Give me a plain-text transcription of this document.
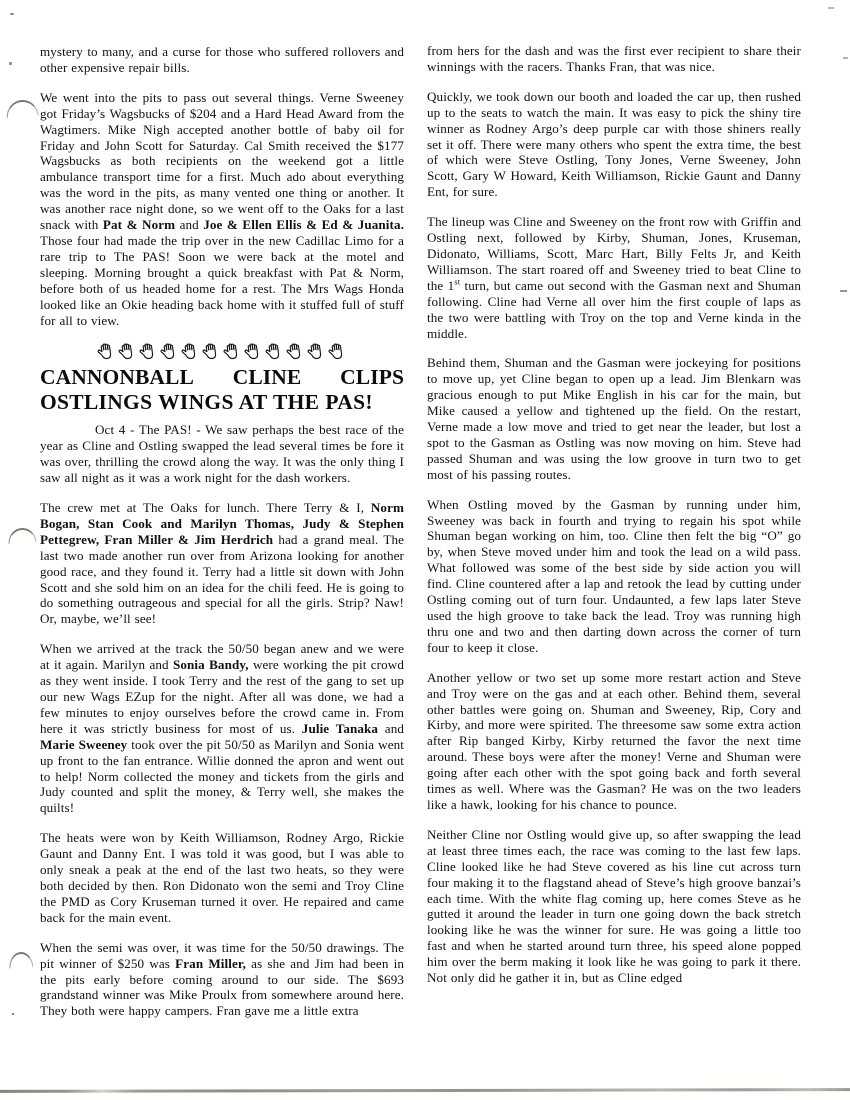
mystery to many, and a curse for those who suffered rollovers and other expensive repair bills.

We went into the pits to pass out several things. Verne Sweeney got Friday’s Wagsbucks of $204 and a Hard Head Award from the Wagtimers. Mike Nigh accepted another bottle of baby oil for Friday and John Scott for Saturday. Cal Smith received the $177 Wagsbucks as both recipients on the weekend got a little ambulance transport time for a first. Much ado about everything was the word in the pits, as many vented one thing or another. It was another race night done, so we went off to the Oaks for a last snack with Pat & Norm and Joe & Ellen Ellis & Ed & Juanita. Those four had made the trip over in the new Cadillac Limo for a rare trip to The PAS! Soon we were back at the motel and sleeping. Morning brought a quick breakfast with Pat & Norm, before both of us headed home for a rest. The Mrs Wags Honda looked like an Okie heading back home with it stuffed full of stuff for all to view.

CANNONBALL CLINE CLIPS
OSTLINGS WINGS AT THE PAS!

Oct 4 - The PAS! - We saw perhaps the best race of the year as Cline and Ostling swapped the lead several times be fore it was over, thrilling the crowd along the way. It was the only thing I saw all night as it was a work night for the dash workers.

The crew met at The Oaks for lunch. There Terry & I, Norm Bogan, Stan Cook and Marilyn Thomas, Judy & Stephen Pettegrew, Fran Miller & Jim Herdrich had a grand meal. The last two made another run over from Arizona looking for another good race, and they found it. Terry had a little sit down with John Scott and she sold him on an idea for the chili feed. He is going to do something outrageous and special for all the girls. Strip? Naw! Or, maybe, we’ll see!

When we arrived at the track the 50/50 began anew and we were at it again. Marilyn and Sonia Bandy, were working the pit crowd as they went inside. I took Terry and the rest of the gang to set up our new Wags EZup for the night. After all was done, we had a few minutes to enjoy ourselves before the crowd came in. From here it was strictly business for most of us. Julie Tanaka and Marie Sweeney took over the pit 50/50 as Marilyn and Sonia went up front to the fan entrance. Willie donned the apron and went out to help! Norm collected the money and tickets from the girls and Judy counted and split the money, & Terry well, she makes the quilts!

The heats were won by Keith Williamson, Rodney Argo, Rickie Gaunt and Danny Ent. I was told it was good, but I was able to only sneak a peak at the end of the last two heats, so they were both decided by then. Ron Didonato won the semi and Troy Cline the PMD as Cory Kruseman turned it over. He repaired and came back for the main event.

When the semi was over, it was time for the 50/50 drawings. The pit winner of $250 was Fran Miller, as she and Jim had been in the pits early before coming around to our side. The $693 grandstand winner was Mike Proulx from somewhere around here. They both were happy campers. Fran gave me a little extra

from hers for the dash and was the first ever recipient to share their winnings with the racers. Thanks Fran, that was nice.

Quickly, we took down our booth and loaded the car up, then rushed up to the seats to watch the main. It was easy to pick the shiny tire winner as Rodney Argo’s deep purple car with those shiners really set it off. There were many others who spent the extra time, the best of which were Steve Ostling, Tony Jones, Verne Sweeney, John Scott, Gary W Howard, Keith Williamson, Rickie Gaunt and Danny Ent, for sure.

The lineup was Cline and Sweeney on the front row with Griffin and Ostling next, followed by Kirby, Shuman, Jones, Kruseman, Didonato, Williams, Scott, Marc Hart, Billy Felts Jr, and Keith Williamson. The start roared off and Sweeney tried to beat Cline to the 1st turn, but came out second with the Gasman next and Shuman following. Cline had Verne all over him the first couple of laps as the two were battling with Troy on the top and Verne kinda in the middle.

Behind them, Shuman and the Gasman were jockeying for positions to move up, yet Cline began to open up a lead. Jim Blenkarn was gracious enough to put Mike English in his car for the main, but Mike caused a yellow and tightened up the field. On the restart, Verne made a low move and tried to get near the leader, but lost a spot to the Gasman as Ostling was now moving on him. Steve had passed Shuman and was using the low groove in turn two to get most of his passing routes.

When Ostling moved by the Gasman by running under him, Sweeney was back in fourth and trying to regain his spot while Shuman began working on him, too. Cline then felt the big “O” go by, when Steve moved under him and took the lead on a wild pass. What followed was some of the best side by side action you will find. Cline countered after a lap and retook the lead by cutting under Ostling coming out of turn four. Undaunted, a few laps later Steve used the high groove to take back the lead. Troy was running high thru one and two and then darting down across the corner of turn four to keep it close.

Another yellow or two set up some more restart action and Steve and Troy were on the gas and at each other. Behind them, several other battles were going on. Shuman and Sweeney, Rip, Cory and Kirby, and more were spirited. The threesome saw some extra action after Rip banged Kirby, Kirby returned the favor the next time around. These boys were after the money! Verne and Shuman were going after each other with the spot going back and forth several times as well. Where was the Gasman? He was on the two leaders like a hawk, looking for his chance to pounce.

Neither Cline nor Ostling would give up, so after swapping the lead at least three times each, the race was coming to the last few laps. Cline looked like he had Steve covered as his line cut across turn four making it to the flagstand ahead of Steve’s high groove banzai’s each time. With the white flag coming up, here comes Steve as he gutted it around the leader in turn one going down the back stretch looking like he was the winner for sure. He was going a little too fast and when he started around turn three, his speed alone popped him over the berm making it look like he was going to park it there. Not only did he gather it in, but as Cline edged
